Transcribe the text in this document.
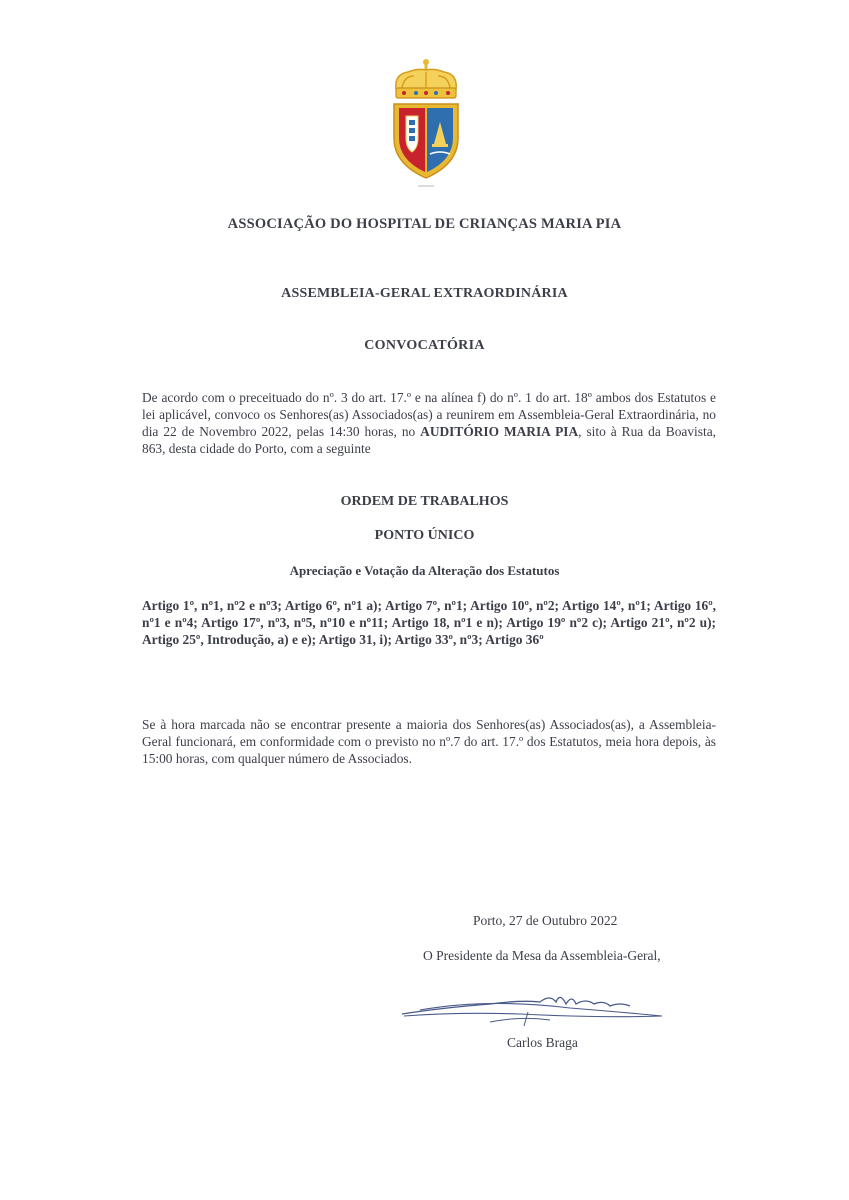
ASSOCIAÇÃO DO HOSPITAL DE CRIANÇAS MARIA PIA
ASSEMBLEIA-GERAL EXTRAORDINÁRIA
CONVOCATÓRIA
De acordo com o preceituado do nº. 3 do art. 17.º e na alínea f) do nº. 1 do art. 18º ambos dos Estatutos e lei aplicável, convoco os Senhores(as) Associados(as) a reunirem em Assembleia-Geral Extraordinária, no dia 22 de Novembro 2022, pelas 14:30 horas, no AUDITÓRIO MARIA PIA, sito à Rua da Boavista, 863, desta cidade do Porto, com a seguinte
ORDEM DE TRABALHOS
PONTO ÚNICO
Apreciação e Votação da Alteração dos Estatutos
Artigo 1º, nº1, nº2 e nº3; Artigo 6º, nº1 a); Artigo 7º, nº1; Artigo 10º, nº2; Artigo 14º, nº1; Artigo 16º, nº1 e nº4; Artigo 17º, nº3, nº5, nº10 e nº11; Artigo 18, nº1 e n); Artigo 19º nº2 c); Artigo 21º, nº2 u); Artigo 25º, Introdução, a) e e); Artigo 31, i); Artigo 33º, nº3; Artigo 36º
Se à hora marcada não se encontrar presente a maioria dos Senhores(as) Associados(as), a Assembleia-Geral funcionará, em conformidade com o previsto no nº.7 do art. 17.º dos Estatutos, meia hora depois, às 15:00 horas, com qualquer número de Associados.
Porto, 27 de Outubro 2022
O Presidente da Mesa da Assembleia-Geral,
Carlos Braga
